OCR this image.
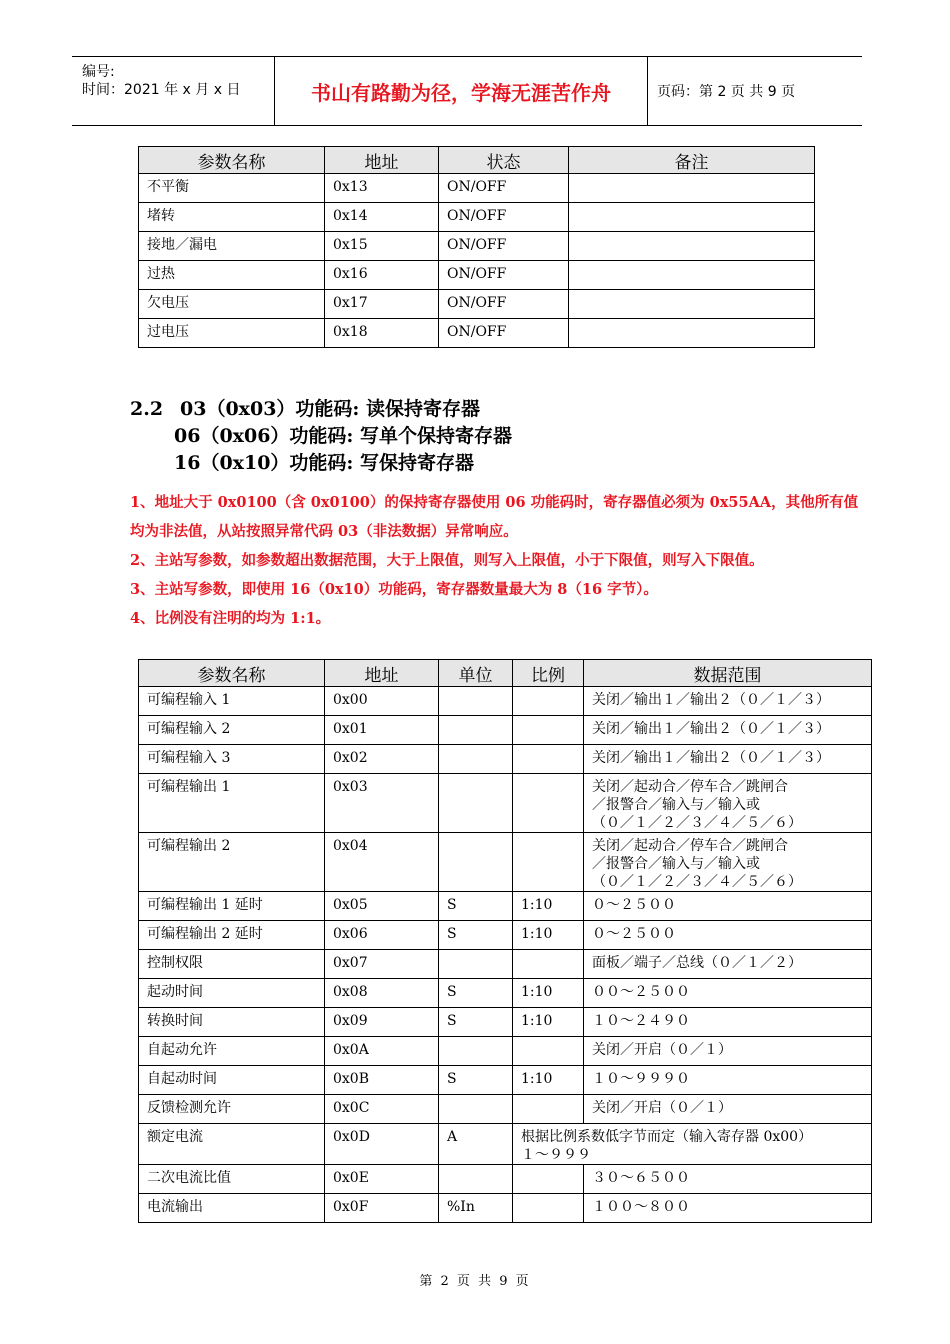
编号:
时间：2021 年 x 月 x 日	书山有路勤为径，学海无涯苦作舟	页码：第 2 页 共 9 页
参数名称	地址	状态	备注
不平衡	0x13	ON/OFF	
堵转	0x14	ON/OFF	
接地／漏电	0x15	ON/OFF	
过热	0x16	ON/OFF	
欠电压	0x17	ON/OFF	
过电压	0x18	ON/OFF	
2.2 03（0x03）功能码: 读保持寄存器
06（0x06）功能码: 写单个保持寄存器
16（0x10）功能码: 写保持寄存器

1、地址大于 0x0100（含 0x0100）的保持寄存器使用 06 功能码时，寄存器值必须为 0x55AA，其他所有值均为非法值，从站按照异常代码 03（非法数据）异常响应。

2、主站写参数，如参数超出数据范围，大于上限值，则写入上限值，小于下限值，则写入下限值。

3、主站写参数，即使用 16（0x10）功能码，寄存器数量最大为 8（16 字节）。

4、比例没有注明的均为 1:1。

参数名称	地址	单位	比例	数据范围
可编程输入 1	0x00			关闭／输出１／输出２（０／１／３）

可编程输入 2	0x01			关闭／输出１／输出２（０／１／３）

可编程输入 3	0x02			关闭／输出１／输出２（０／１／３）

可编程输出 1	0x03			关闭／起动合／停车合／跳闸合
／报警合／输入与／输入或
（０／１／２／３／４／５／６）

可编程输出 2	0x04			关闭／起动合／停车合／跳闸合
／报警合／输入与／输入或
（０／１／２／３／４／５／６）

可编程输出 1 延时	0x05	S	1:10	０～２５００

可编程输出 2 延时	0x06	S	1:10	０～２５００

控制权限	0x07			面板／端子／总线（０／１／２）

起动时间	0x08	S	1:10	００～２５００

转换时间	0x09	S	1:10	１０～２４９０

自起动允许	0x0A			关闭／开启（０／１）

自起动时间	0x0B	S	1:10	１０～９９９０

反馈检测允许	0x0C			关闭／开启（０／１）

额定电流	0x0D	A	根据比例系数低字节而定（输入寄存器 0x00）
１～９９９	

二次电流比值	0x0E			３０～６５００

电流输出	0x0F	%In		１００～８００
第 2 页 共 9 页
